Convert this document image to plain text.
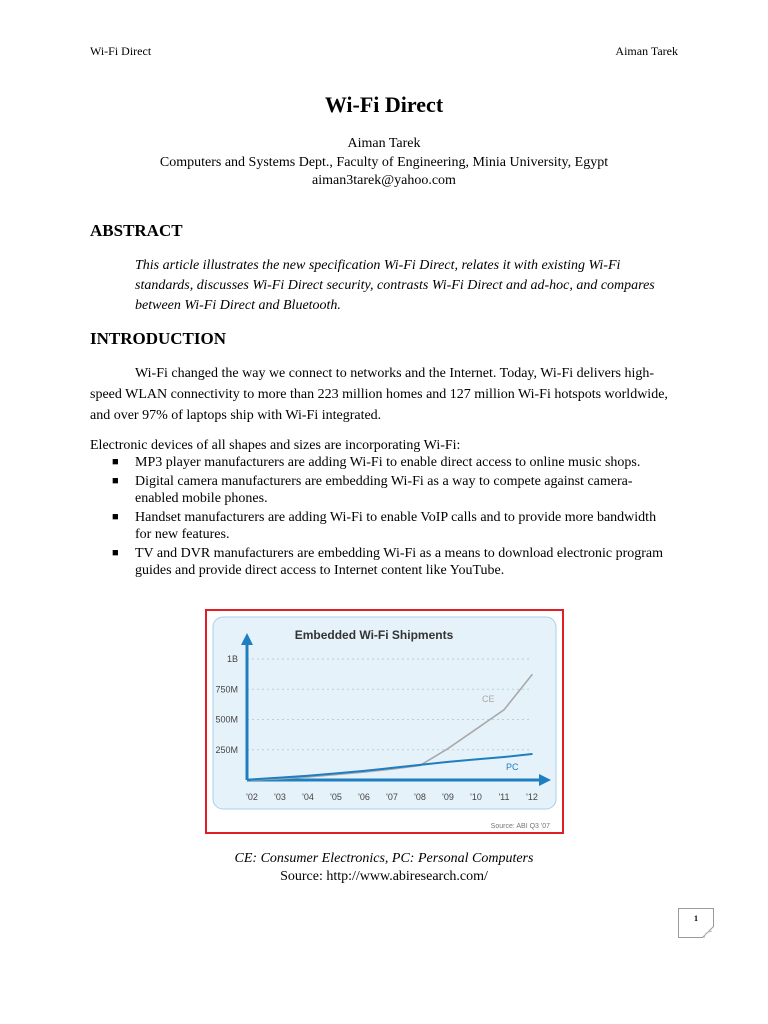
Wi-Fi Direct	Aiman Tarek
Wi-Fi Direct
Aiman Tarek
Computers and Systems Dept., Faculty of Engineering, Minia University, Egypt
aiman3tarek@yahoo.com
ABSTRACT
This article illustrates the new specification Wi-Fi Direct, relates it with existing Wi-Fi standards, discusses Wi-Fi Direct security, contrasts Wi-Fi Direct and ad-hoc, and compares between Wi-Fi Direct and Bluetooth.
INTRODUCTION
Wi-Fi changed the way we connect to networks and the Internet. Today, Wi-Fi delivers high-speed WLAN connectivity to more than 223 million homes and 127 million Wi-Fi hotspots worldwide, and over 97% of laptops ship with Wi-Fi integrated.
Electronic devices of all shapes and sizes are incorporating Wi-Fi:
■ MP3 player manufacturers are adding Wi-Fi to enable direct access to online music shops.
■ Digital camera manufacturers are embedding Wi-Fi as a way to compete against camera-enabled mobile phones.
■ Handset manufacturers are adding Wi-Fi to enable VoIP calls and to provide more bandwidth for new features.
■ TV and DVR manufacturers are embedding Wi-Fi as a means to download electronic program guides and provide direct access to Internet content like YouTube.
Embedded Wi-Fi Shipments
250M
500M
750M
1B
'02 '03 '04 '05 '06 '07 '08 '09 '10 '11 '12
CE
PC
Source: ABI Q3 '07
CE: Consumer Electronics, PC: Personal Computers
Source: http://www.abiresearch.com/
1
